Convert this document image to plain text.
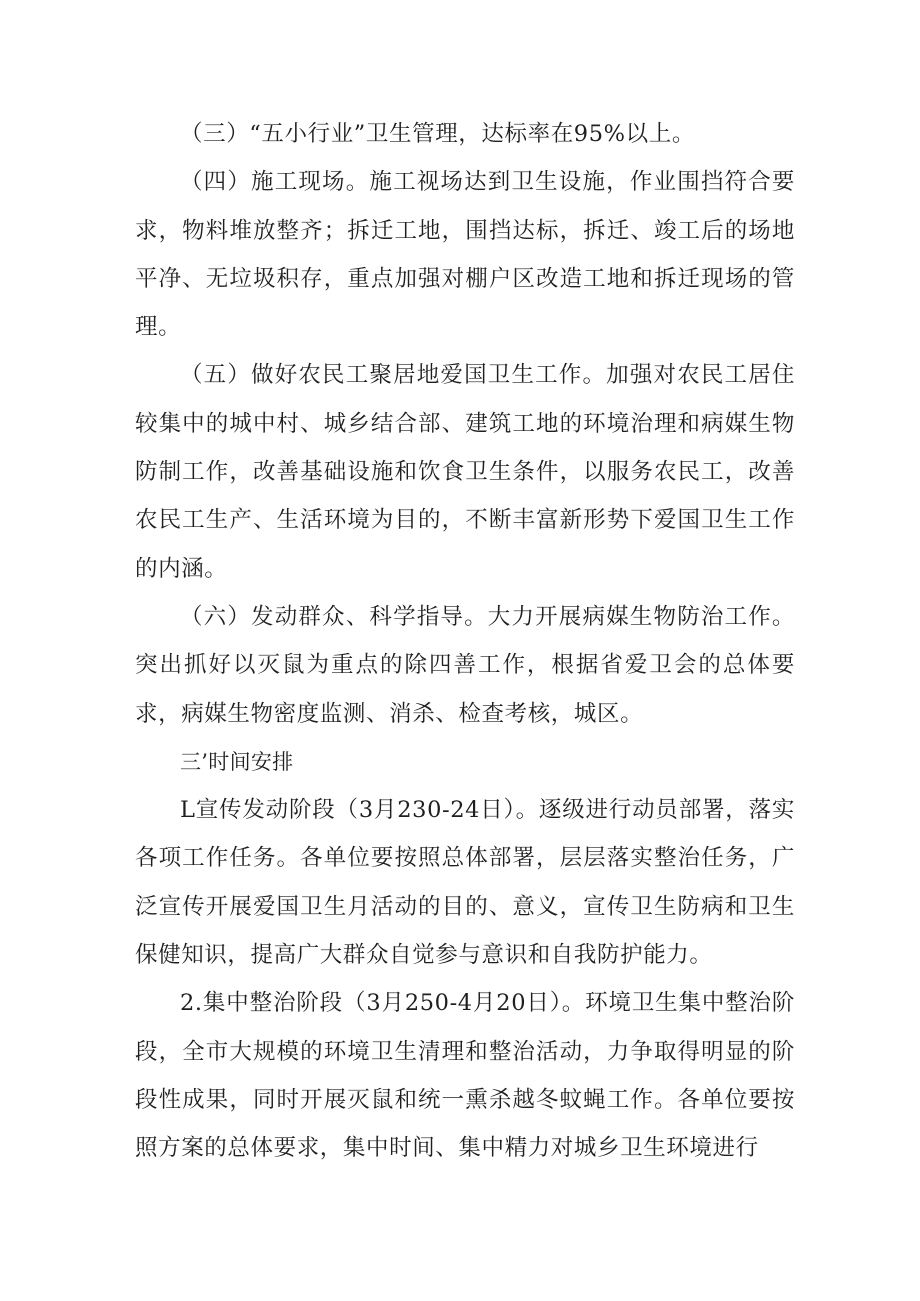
（三）“五小行业”卫生管理，达标率在95%以上。

（四）施工现场。施工视场达到卫生设施，作业围挡符合要求，物料堆放整齐；拆迁工地，围挡达标，拆迁、竣工后的场地平净、无垃圾积存，重点加强对棚户区改造工地和拆迁现场的管理。

（五）做好农民工聚居地爱国卫生工作。加强对农民工居住较集中的城中村、城乡结合部、建筑工地的环境治理和病媒生物防制工作，改善基础设施和饮食卫生条件，以服务农民工，改善农民工生产、生活环境为目的，不断丰富新形势下爱国卫生工作的内涵。

（六）发动群众、科学指导。大力开展病媒生物防治工作。突出抓好以灭鼠为重点的除四善工作，根据省爱卫会的总体要求，病媒生物密度监测、消杀、检查考核，城区。

三’时间安排

L宣传发动阶段（3月230-24日）。逐级进行动员部署，落实各项工作任务。各单位要按照总体部署，层层落实整治任务，广泛宣传开展爱国卫生月活动的目的、意义，宣传卫生防病和卫生保健知识，提高广大群众自觉参与意识和自我防护能力。

2.集中整治阶段（3月250-4月20日）。环境卫生集中整治阶段，全市大规模的环境卫生清理和整治活动，力争取得明显的阶段性成果，同时开展灭鼠和统一熏杀越冬蚊蝇工作。各单位要按照方案的总体要求，集中时间、集中精力对城乡卫生环境进行
